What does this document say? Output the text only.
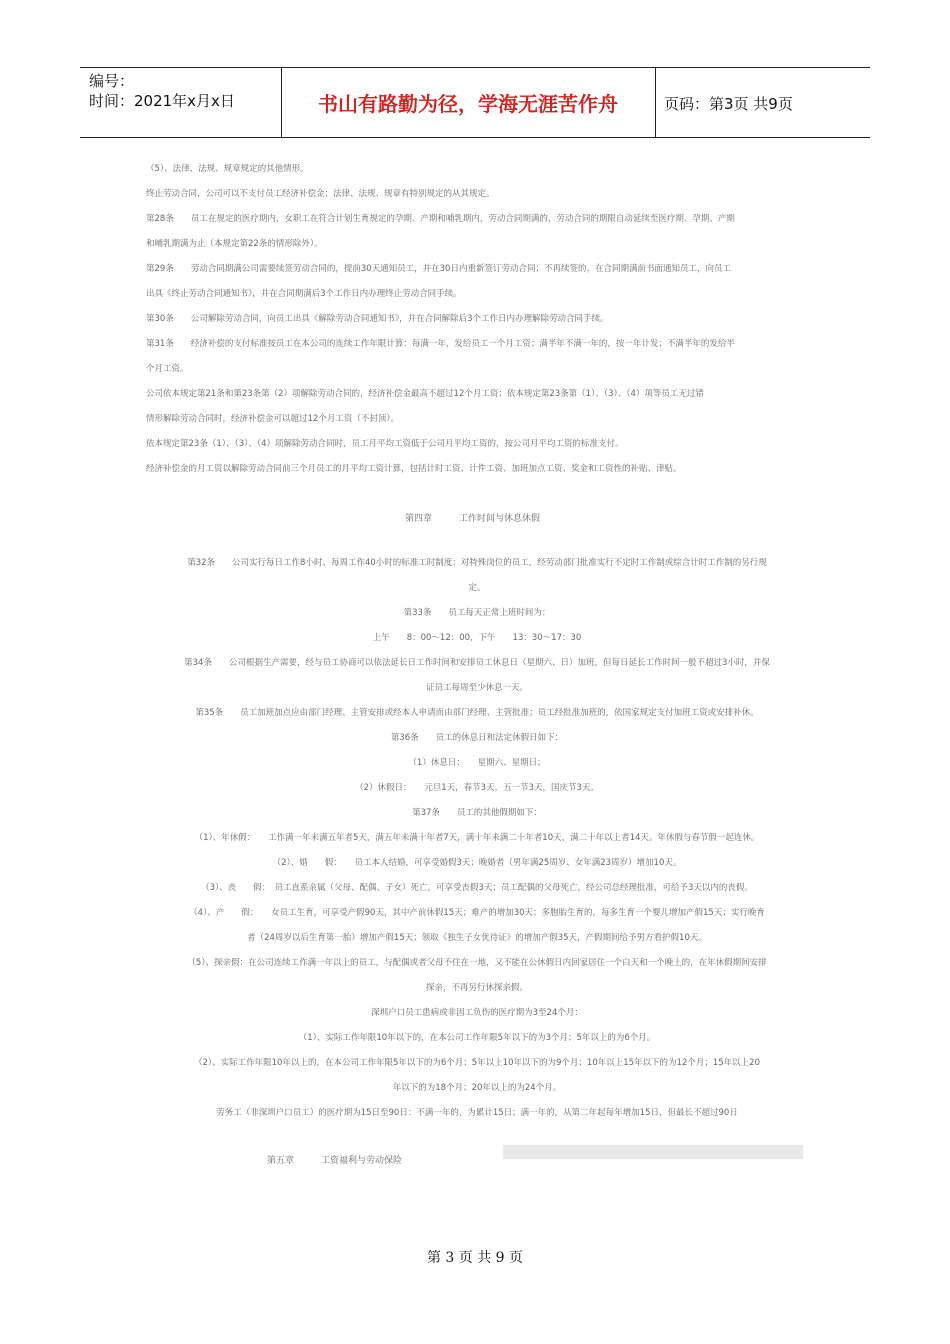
编号：
时间：2021年x月x日	书山有路勤为径，学海无涯苦作舟	页码：第3页 共9页
（5）、法律、法规、规章规定的其他情形。
终止劳动合同，公司可以不支付员工经济补偿金；法律、法规、规章有特别规定的从其规定。
第28条　　员工在规定的医疗期内，女职工在符合计划生育规定的孕期、产期和哺乳期内，劳动合同期满的，劳动合同的期限自动延续至医疗期、孕期、产期
和哺乳期满为止（本规定第22条的情形除外）。
第29条　　劳动合同期满公司需要续签劳动合同的，提前30天通知员工，并在30日内重新签订劳动合同；不再续签的，在合同期满前书面通知员工，向员工
出具《终止劳动合同通知书》，并在合同期满后3个工作日内办理终止劳动合同手续。
第30条　　公司解除劳动合同，向员工出具《解除劳动合同通知书》，并在合同解除后3个工作日内办理解除劳动合同手续。
第31条　　经济补偿的支付标准按员工在本公司的连续工作年限计算：每满一年，发给员工一个月工资；满半年不满一年的，按一年计发；不满半年的发给半
个月工资。
公司依本规定第21条和第23条第（2）项解除劳动合同的，经济补偿金最高不超过12个月工资；依本规定第23条第（1）、（3）、（4）项等员工无过错
情形解除劳动合同时，经济补偿金可以超过12个月工资（不封顶）。
依本规定第23条（1）、（3）、（4）项解除劳动合同时，员工月平均工资低于公司月平均工资的，按公司月平均工资的标准支付。
经济补偿金的月工资以解除劳动合同前三个月员工的月平均工资计算，包括计时工资、计件工资、加班加点工资、奖金和工资性的补贴、津贴。
第四章　　　工作时间与休息休假
第32条　　公司实行每日工作8小时、每周工作40小时的标准工时制度；对特殊岗位的员工，经劳动部门批准实行不定时工作制或综合计时工作制的另行规
定。
第33条　　员工每天正常上班时间为：
上午　　8：00～12：00，下午　　13：30～17：30
第34条　　公司根据生产需要，经与员工协商可以依法延长日工作时间和安排员工休息日（星期六、日）加班，但每日延长工作时间一般不超过3小时，并保
证员工每周至少休息一天。
第35条　　员工加班加点应由部门经理、主管安排或经本人申请而由部门经理、主管批准；员工经批准加班的，依国家规定支付加班工资或安排补休。
第36条　　员工的休息日和法定休假日如下：
（1）休息日：　　星期六、星期日；
（2）休假日：　　元旦1天，春节3天，五一节3天，国庆节3天。
第37条　　员工的其他假期如下：
（1）、年休假：　　工作满一年未满五年者5天，满五年未满十年者7天，满十年未满二十年者10天，满二十年以上者14天。年休假与春节假一起连休。
（2）、婚　　假：　　员工本人结婚，可享受婚假3天；晚婚者（男年满25周岁、女年满23周岁）增加10天。
（3）、丧　　假：　员工直系亲属（父母、配偶、子女）死亡，可享受丧假3天；员工配偶的父母死亡，经公司总经理批准，可给予3天以内的丧假。
（4）、产　　假：　　女员工生育，可享受产假90天，其中产前休假15天；难产的增加30天；多胞胎生育的，每多生育一个婴儿增加产假15天；实行晚育
者（24周岁以后生育第一胎）增加产假15天；领取《独生子女优待证》的增加产假35天，产假期间给予男方看护假10天。
（5）、探亲假：在公司连续工作满一年以上的员工，与配偶或者父母不住在一地，又不能在公休假日内回家居住一个白天和一个晚上的，在年休假期间安排
探亲，不再另行休探亲假。
深圳户口员工患病或非因工负伤的医疗期为3至24个月：
（1）、实际工作年限10年以下的，在本公司工作年限5年以下的为3个月；5年以上的为6个月。
（2）、实际工作年限10年以上的，在本公司工作年限5年以下的为6个月；5年以上10年以下的为9个月；10年以上15年以下的为12个月；15年以上20
年以下的为18个月；20年以上的为24个月。
劳务工（非深圳户口员工）的医疗期为15日至90日：不满一年的，为累计15日；满一年的，从第二年起每年增加15日，但最长不超过90日
第五章　　　工资福利与劳动保险
第 3 页 共 9 页
